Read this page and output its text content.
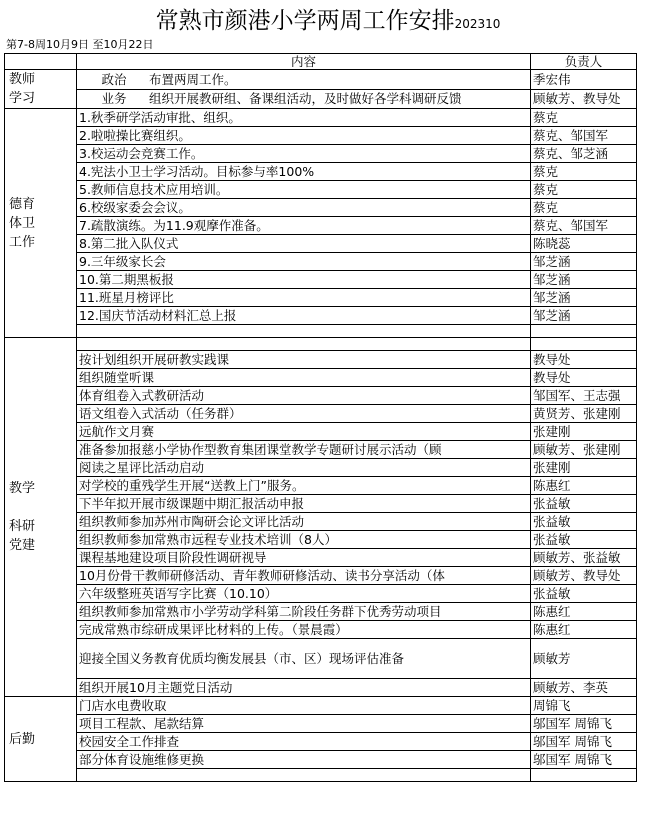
常熟市颜港小学两周工作安排202310
第7-8周10月9日 至10月22日
	内容	负责人

教师
学习	政治 布置两周工作。	季宏伟

	业务 组织开展教研组、备课组活动，及时做好各学科调研反馈	顾敏芳、教导处

德育
体卫
工作	1.秋季研学活动审批、组织。	蔡克
	2.啦啦操比赛组织。	蔡克、邹国军
	3.校运动会竞赛工作。	蔡克、邹芝涵
	4.宪法小卫士学习活动。目标参与率100%	蔡克
	5.教师信息技术应用培训。	蔡克
	6.校级家委会会议。	蔡克
	7.疏散演练。为11.9观摩作准备。	蔡克、邹国军
	8.第二批入队仪式	陈晓蕊
	9.三年级家长会	邹芝涵
	10.第二期黑板报	邹芝涵
	11.班星月榜评比	邹芝涵
	12.国庆节活动材料汇总上报	邹芝涵

教学

科研
党建		

	按计划组织开展研教实践课	教导处
	组织随堂听课	教导处
	体育组卷入式教研活动	邹国军、王志强
	语文组卷入式活动（任务群）	黄贤芳、张建刚
	远航作文月赛	张建刚
	准备参加报慈小学协作型教育集团课堂教学专题研讨展示活动（顾	顾敏芳、张建刚
	阅读之星评比活动启动	张建刚
	对学校的重残学生开展“送教上门”服务。	陈惠红
	下半年拟开展市级课题中期汇报活动申报	张益敏
	组织教师参加苏州市陶研会论文评比活动	张益敏
	组织教师参加常熟市远程专业技术培训（8人）	张益敏
	课程基地建设项目阶段性调研视导	顾敏芳、张益敏
	10月份骨干教师研修活动、青年教师研修活动、读书分享活动（体	顾敏芳、教导处
	六年级整班英语写字比赛（10.10）	张益敏
	组织教师参加常熟市小学劳动学科第二阶段任务群下优秀劳动项目	陈惠红
	完成常熟市综研成果评比材料的上传。（景晨霞）	陈惠红
	迎接全国义务教育优质均衡发展县（市、区）现场评估准备	顾敏芳
	组织开展10月主题党日活动	顾敏芳、李英

后勤	门店水电费收取	周锦飞
	项目工程款、尾款结算	邬国军 周锦飞
	校园安全工作排查	邬国军 周锦飞
	部分体育设施维修更换	邬国军 周锦飞
